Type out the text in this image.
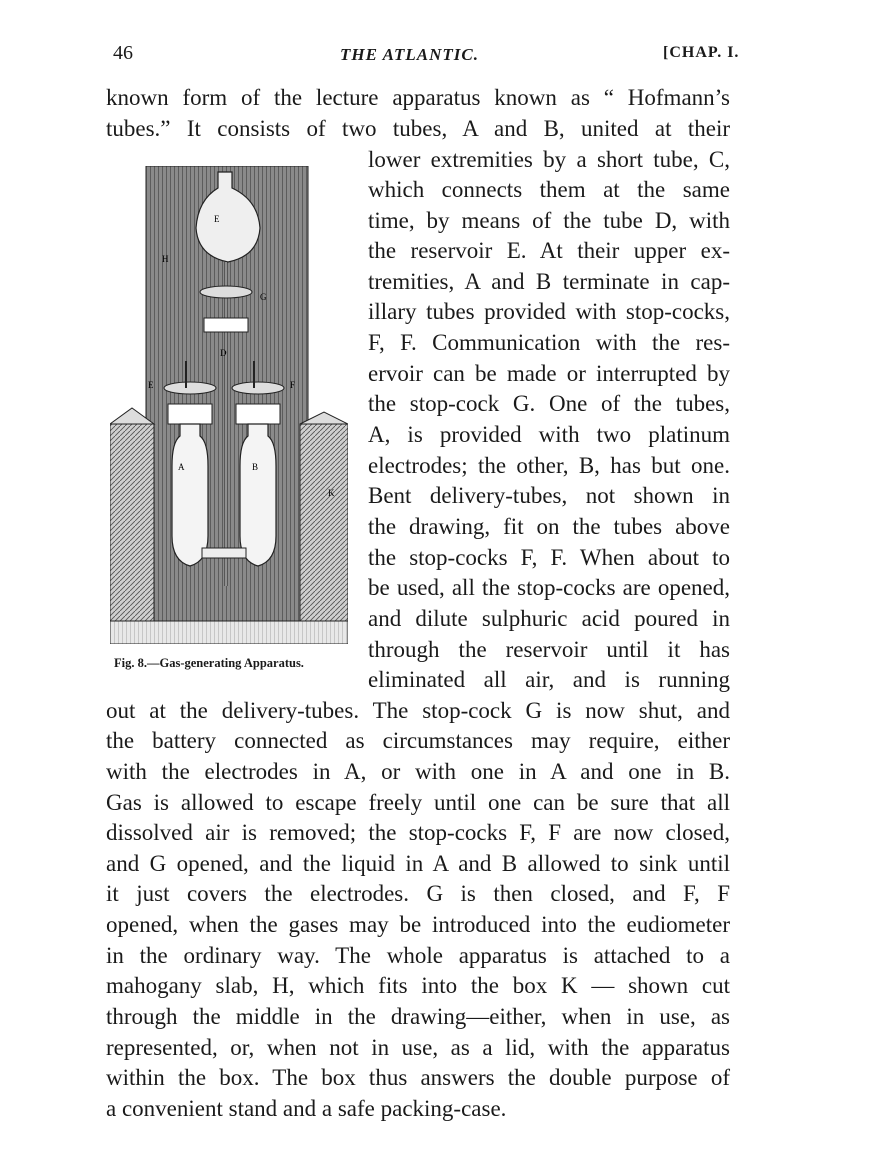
46	THE ATLANTIC.	[CHAP. I.
known form of the lecture apparatus known as “ Hofmann’s
tubes.” It consists of two tubes, A and B, united at their
lower extremities by a short tube, C,
which connects them at the same
time, by means of the tube D, with
the reservoir E. At their upper ex-
tremities, A and B terminate in cap-
illary tubes provided with stop-cocks,
F, F. Communication with the res-
ervoir can be made or interrupted by
the stop-cock G. One of the tubes,
A, is provided with two platinum
electrodes; the other, B, has but one.
Bent delivery-tubes, not shown in
the drawing, fit on the tubes above
the stop-cocks F, F. When about to
be used, all the stop-cocks are opened,
and dilute sulphuric acid poured in
through the reservoir until it has
eliminated all air, and is running
out at the delivery-tubes. The stop-cock G is now shut, and
the battery connected as circumstances may require, either
with the electrodes in A, or with one in A and one in B.
Gas is allowed to escape freely until one can be sure that all
dissolved air is removed; the stop-cocks F, F are now closed,
and G opened, and the liquid in A and B allowed to sink until
it just covers the electrodes. G is then closed, and F, F
opened, when the gases may be introduced into the eudiometer
in the ordinary way. The whole apparatus is attached to a
mahogany slab, H, which fits into the box K — shown cut
through the middle in the drawing—either, when in use, as
represented, or, when not in use, as a lid, with the apparatus
within the box. The box thus answers the double purpose of
a convenient stand and a safe packing-case.
E
H
G
D
E	F
A	B
K
Fig. 8.—Gas-generating Apparatus.
